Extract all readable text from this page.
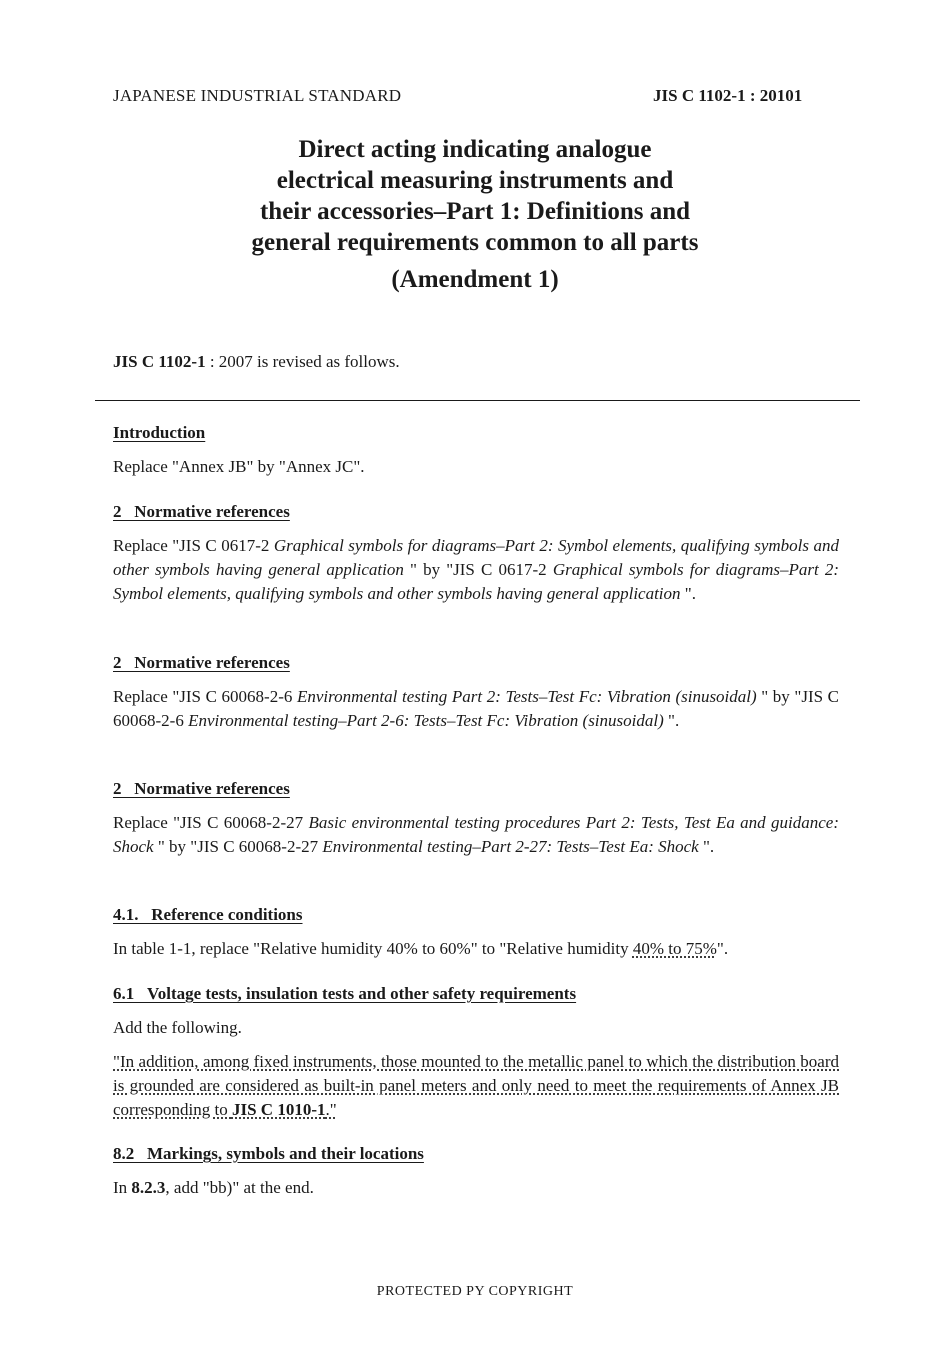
JAPANESE INDUSTRIAL STANDARD	JIS C 1102-1 : 20101
Direct acting indicating analogue
electrical measuring instruments and
their accessories–Part 1: Definitions and
general requirements common to all parts
(Amendment 1)
JIS C 1102-1 : 2007 is revised as follows.
Introduction
Replace "Annex JB" by "Annex JC".
2   Normative references
Replace "JIS C 0617-2 Graphical symbols for diagrams–Part 2: Symbol elements, qualifying symbols and other symbols having general application " by "JIS C 0617-2 Graphical symbols for diagrams–Part 2: Symbol elements, qualifying symbols and other symbols having general application ".
2   Normative references
Replace "JIS C 60068-2-6 Environmental testing Part 2: Tests–Test Fc: Vibration (sinusoidal) " by "JIS C 60068-2-6 Environmental testing–Part 2-6: Tests–Test Fc: Vibration (sinusoidal) ".
2   Normative references
Replace "JIS C 60068-2-27 Basic environmental testing procedures Part 2: Tests, Test Ea and guidance: Shock " by "JIS C 60068-2-27 Environmental testing–Part 2-27: Tests–Test Ea: Shock ".
4.1.   Reference conditions
In table 1-1, replace "Relative humidity 40% to 60%" to "Relative humidity 40% to 75%".
6.1   Voltage tests, insulation tests and other safety requirements
Add the following.
"In addition, among fixed instruments, those mounted to the metallic panel to which the distribution board is grounded are considered as built-in panel meters and only need to meet the requirements of Annex JB corresponding to JIS C 1010-1."
8.2   Markings, symbols and their locations
In 8.2.3, add "bb)" at the end.
PROTECTED PY COPYRIGHT
